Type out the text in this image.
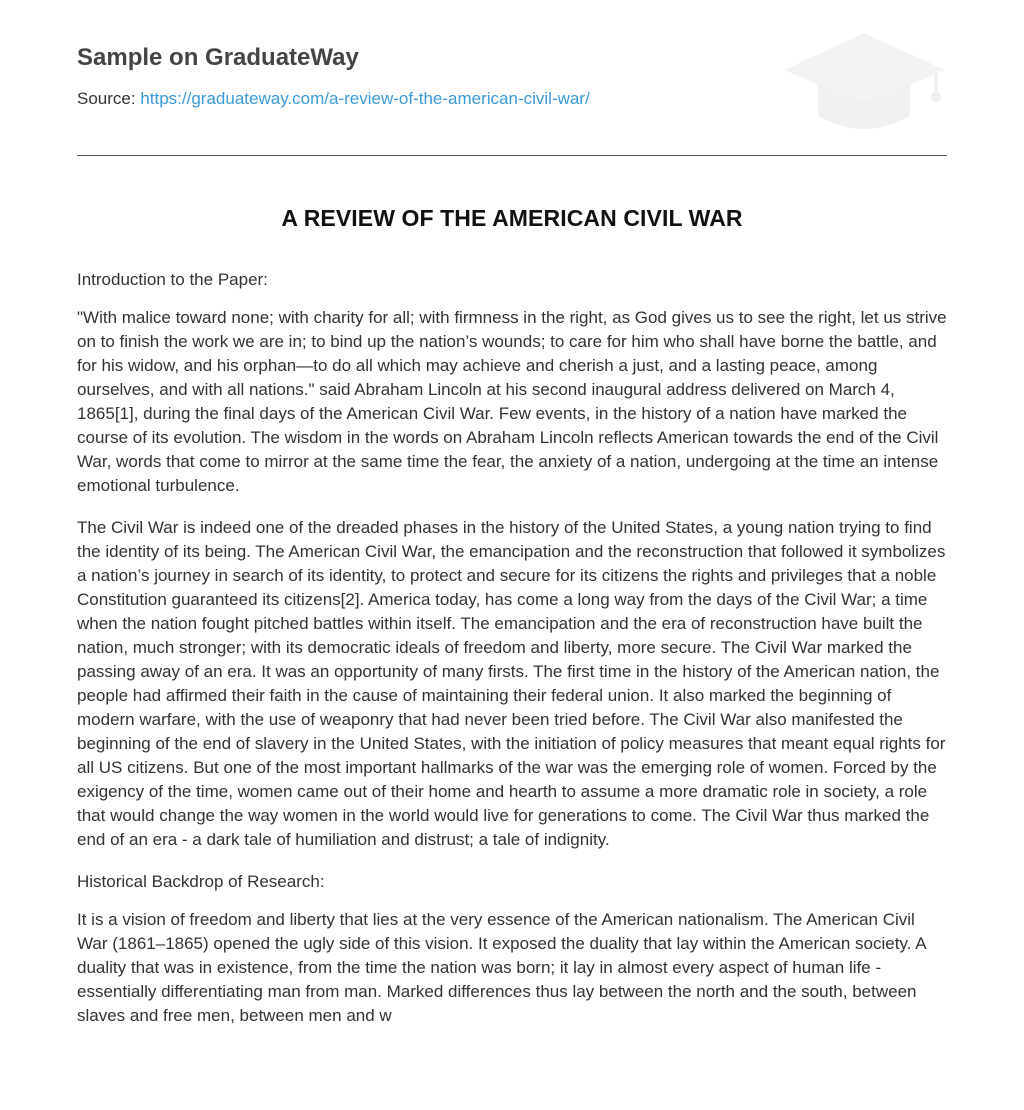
Sample on GraduateWay
Source: https://graduateway.com/a-review-of-the-american-civil-war/
A REVIEW OF THE AMERICAN CIVIL WAR

Introduction to the Paper:

"With malice toward none; with charity for all; with firmness in the right, as God gives us to see the right, let us strive on to finish the work we are in; to bind up the nation’s wounds; to care for him who shall have borne the battle, and for his widow, and his orphan—to do all which may achieve and cherish a just, and a lasting peace, among ourselves, and with all nations." said Abraham Lincoln at his second inaugural address delivered on March 4, 1865[1], during the final days of the American Civil War. Few events, in the history of a nation have marked the course of its evolution. The wisdom in the words on Abraham Lincoln reflects American towards the end of the Civil War, words that come to mirror at the same time the fear, the anxiety of a nation, undergoing at the time an intense emotional turbulence.

The Civil War is indeed one of the dreaded phases in the history of the United States, a young nation trying to find the identity of its being. The American Civil War, the emancipation and the reconstruction that followed it symbolizes a nation’s journey in search of its identity, to protect and secure for its citizens the rights and privileges that a noble Constitution guaranteed its citizens[2]. America today, has come a long way from the days of the Civil War; a time when the nation fought pitched battles within itself. The emancipation and the era of reconstruction have built the nation, much stronger; with its democratic ideals of freedom and liberty, more secure. The Civil War marked the passing away of an era. It was an opportunity of many firsts. The first time in the history of the American nation, the people had affirmed their faith in the cause of maintaining their federal union. It also marked the beginning of modern warfare, with the use of weaponry that had never been tried before. The Civil War also manifested the beginning of the end of slavery in the United States, with the initiation of policy measures that meant equal rights for all US citizens. But one of the most important hallmarks of the war was the emerging role of women. Forced by the exigency of the time, women came out of their home and hearth to assume a more dramatic role in society, a role that would change the way women in the world would live for generations to come. The Civil War thus marked the end of an era - a dark tale of humiliation and distrust; a tale of indignity.

Historical Backdrop of Research:

It is a vision of freedom and liberty that lies at the very essence of the American nationalism. The American Civil War (1861–1865) opened the ugly side of this vision. It exposed the duality that lay within the American society. A duality that was in existence, from the time the nation was born; it lay in almost every aspect of human life - essentially differentiating man from man. Marked differences thus lay between the north and the south, between slaves and free men, between men and w
